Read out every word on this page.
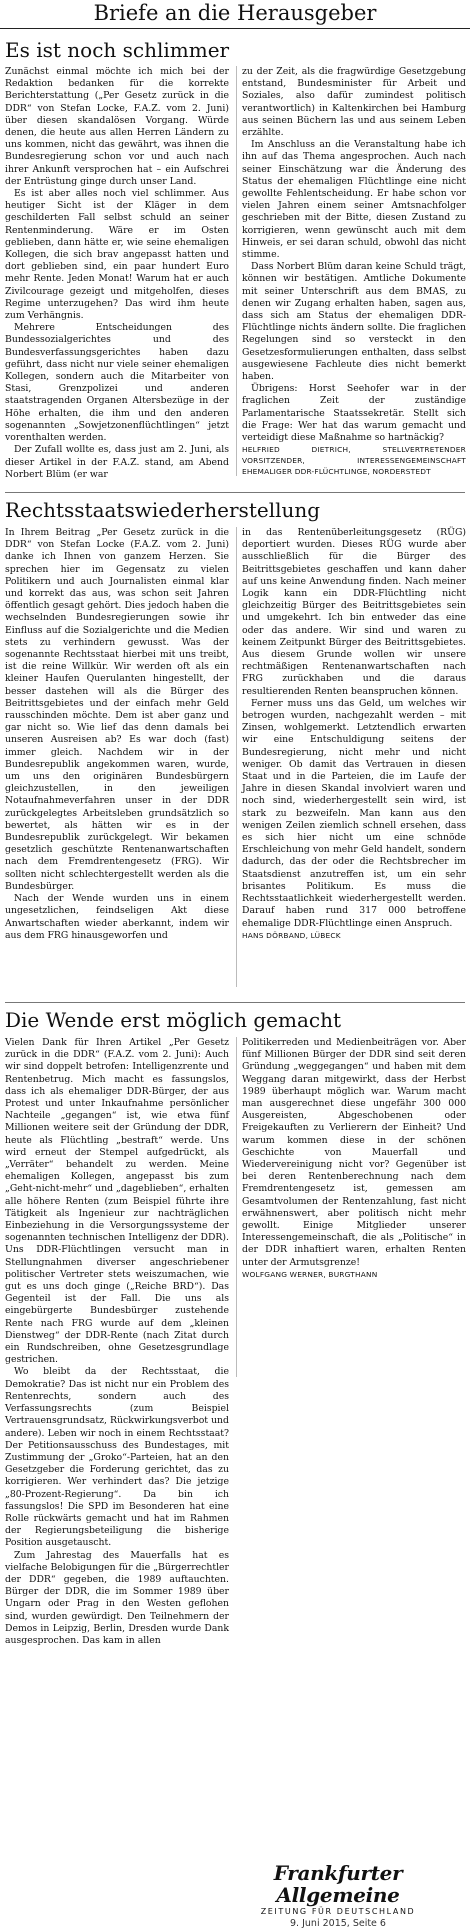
Briefe an die Herausgeber
Es ist noch schlimmer

Zunächst einmal möchte ich mich bei der Redaktion bedanken für die korrekte Berichterstattung („Per Gesetz zurück in die DDR“ von Stefan Locke, F.A.Z. vom 2. Juni) über diesen skandalösen Vorgang. Würde denen, die heute aus allen Herren Ländern zu uns kommen, nicht das gewährt, was ihnen die Bundesregierung schon vor und auch nach ihrer Ankunft versprochen hat – ein Aufschrei der Entrüstung ginge durch unser Land.

Es ist aber alles noch viel schlimmer. Aus heutiger Sicht ist der Kläger in dem geschilderten Fall selbst schuld an seiner Rentenminderung. Wäre er im Osten geblieben, dann hätte er, wie seine ehemaligen Kollegen, die sich brav angepasst hatten und dort geblieben sind, ein paar hundert Euro mehr Rente. Jeden Monat! Warum hat er auch Zivilcourage gezeigt und mitgeholfen, dieses Regime unterzugehen? Das wird ihm heute zum Verhängnis.

Mehrere Entscheidungen des Bundessozialgerichtes und des Bundesverfassungsgerichtes haben dazu geführt, dass nicht nur viele seiner ehemaligen Kollegen, sondern auch die Mitarbeiter von Stasi, Grenzpolizei und anderen staatstragenden Organen Altersbezüge in der Höhe erhalten, die ihm und den anderen sogenannten „Sowjetzonenflüchtlingen“ jetzt vorenthalten werden.

Der Zufall wollte es, dass just am 2. Juni, als dieser Artikel in der F.A.Z. stand, am Abend Norbert Blüm (er war

zu der Zeit, als die fragwürdige Gesetzgebung entstand, Bundesminister für Arbeit und Soziales, also dafür zumindest politisch verantwortlich) in Kaltenkirchen bei Hamburg aus seinen Büchern las und aus seinem Leben erzählte.

Im Anschluss an die Veranstaltung habe ich ihn auf das Thema angesprochen. Auch nach seiner Einschätzung war die Änderung des Status der ehemaligen Flüchtlinge eine nicht gewollte Fehlentscheidung. Er habe schon vor vielen Jahren einem seiner Amtsnachfolger geschrieben mit der Bitte, diesen Zustand zu korrigieren, wenn gewünscht auch mit dem Hinweis, er sei daran schuld, obwohl das nicht stimme.

Dass Norbert Blüm daran keine Schuld trägt, können wir bestätigen. Amtliche Dokumente mit seiner Unterschrift aus dem BMAS, zu denen wir Zugang erhalten haben, sagen aus, dass sich am Status der ehemaligen DDR-Flüchtlinge nichts ändern sollte. Die fraglichen Regelungen sind so versteckt in den Gesetzesformulierungen enthalten, dass selbst ausgewiesene Fachleute dies nicht bemerkt haben.

Übrigens: Horst Seehofer war in der fraglichen Zeit der zuständige Parlamentarische Staatssekretär. Stellt sich die Frage: Wer hat das warum gemacht und verteidigt diese Maßnahme so hartnäckig?

HELFRIED DIETRICH, STELLVERTRETENDER VORSITZENDER, INTERESSENGEMEINSCHAFT EHEMALIGER DDR-FLÜCHTLINGE, NORDERSTEDT

Rechtsstaatswiederherstellung

In Ihrem Beitrag „Per Gesetz zurück in die DDR“ von Stefan Locke (F.A.Z. vom 2. Juni) danke ich Ihnen von ganzem Herzen. Sie sprechen hier im Gegensatz zu vielen Politikern und auch Journalisten einmal klar und korrekt das aus, was schon seit Jahren öffentlich gesagt gehört. Dies jedoch haben die wechselnden Bundesregierungen sowie ihr Einfluss auf die Sozialgerichte und die Medien stets zu verhindern gewusst. Was der sogenannte Rechtsstaat hierbei mit uns treibt, ist die reine Willkür. Wir werden oft als ein kleiner Haufen Querulanten hingestellt, der besser dastehen will als die Bürger des Beitrittsgebietes und der einfach mehr Geld rausschinden möchte. Dem ist aber ganz und gar nicht so. Wie lief das denn damals bei unseren Ausreisen ab? Es war doch (fast) immer gleich. Nachdem wir in der Bundesrepublik angekommen waren, wurde, um uns den originären Bundesbürgern gleichzustellen, in den jeweiligen Notaufnahmeverfahren unser in der DDR zurückgelegtes Arbeitsleben grundsätzlich so bewertet, als hätten wir es in der Bundesrepublik zurückgelegt. Wir bekamen gesetzlich geschützte Rentenanwartschaften nach dem Fremdrentengesetz (FRG). Wir sollten nicht schlechtergestellt werden als die Bundesbürger.

Nach der Wende wurden uns in einem ungesetzlichen, feindseligen Akt diese Anwartschaften wieder aberkannt, indem wir aus dem FRG hinausgeworfen und

in das Rentenüberleitungsgesetz (RÜG) deportiert wurden. Dieses RÜG wurde aber ausschließlich für die Bürger des Beitrittsgebietes geschaffen und kann daher auf uns keine Anwendung finden. Nach meiner Logik kann ein DDR-Flüchtling nicht gleichzeitig Bürger des Beitrittsgebietes sein und umgekehrt. Ich bin entweder das eine oder das andere. Wir sind und waren zu keinem Zeitpunkt Bürger des Beitrittsgebietes. Aus diesem Grunde wollen wir unsere rechtmäßigen Rentenanwartschaften nach FRG zurückhaben und die daraus resultierenden Renten beanspruchen können.

Ferner muss uns das Geld, um welches wir betrogen wurden, nachgezahlt werden – mit Zinsen, wohlgemerkt. Letztendlich erwarten wir eine Entschuldigung seitens der Bundesregierung, nicht mehr und nicht weniger. Ob damit das Vertrauen in diesen Staat und in die Parteien, die im Laufe der Jahre in diesen Skandal involviert waren und noch sind, wiederhergestellt sein wird, ist stark zu bezweifeln. Man kann aus den wenigen Zeilen ziemlich schnell ersehen, dass es sich hier nicht um eine schnöde Erschleichung von mehr Geld handelt, sondern dadurch, das der oder die Rechtsbrecher im Staatsdienst anzutreffen ist, um ein sehr brisantes Politikum. Es muss die Rechtsstaatlichkeit wiederhergestellt werden. Darauf haben rund 317 000 betroffene ehemalige DDR-Flüchtlinge einen Anspruch.

HANS DÖRBAND, LÜBECK

Die Wende erst möglich gemacht

Vielen Dank für Ihren Artikel „Per Gesetz zurück in die DDR“ (F.A.Z. vom 2. Juni): Auch wir sind doppelt betrofen: Intelligenzrente und Rentenbetrug. Mich macht es fassungslos, dass ich als ehemaliger DDR-Bürger, der aus Protest und unter Inkaufnahme persönlicher Nachteile „gegangen“ ist, wie etwa fünf Millionen weitere seit der Gründung der DDR, heute als Flüchtling „bestraft“ werde. Uns wird erneut der Stempel aufgedrückt, als „Verräter“ behandelt zu werden. Meine ehemaligen Kollegen, angepasst bis zum „Geht-nicht-mehr“ und „dageblieben“, erhalten alle höhere Renten (zum Beispiel führte ihre Tätigkeit als Ingenieur zur nachträglichen Einbeziehung in die Versorgungssysteme der sogenannten technischen Intelligenz der DDR). Uns DDR-Flüchtlingen versucht man in Stellungnahmen diverser angeschriebener politischer Vertreter stets weiszumachen, wie gut es uns doch ginge („Reiche BRD“). Das Gegenteil ist der Fall. Die uns als eingebürgerte Bundesbürger zustehende Rente nach FRG wurde auf dem „kleinen Dienstweg“ der DDR-Rente (nach Zitat durch ein Rundschreiben, ohne Gesetzesgrundlage gestrichen.

Wo bleibt da der Rechtsstaat, die Demokratie? Das ist nicht nur ein Problem des Rentenrechts, sondern auch des Verfassungsrechts (zum Beispiel Vertrauensgrundsatz, Rückwirkungsverbot und andere). Leben wir noch in einem Rechtsstaat? Der Petitionsausschuss des Bundestages, mit Zustimmung der „Groko“-Parteien, hat an den Gesetzgeber die Forderung gerichtet, das zu korrigieren. Wer verhindert das? Die jetzige „80-Prozent-Regierung“. Da bin ich fassungslos! Die SPD im Besonderen hat eine Rolle rückwärts gemacht und hat im Rahmen der Regierungsbeteiligung die bisherige Position ausgetauscht.

Zum Jahrestag des Mauerfalls hat es vielfache Belobigungen für die „Bürgerrechtler der DDR“ gegeben, die 1989 auftauchten. Bürger der DDR, die im Sommer 1989 über Ungarn oder Prag in den Westen geflohen sind, wurden gewürdigt. Den Teilnehmern der Demos in Leipzig, Berlin, Dresden wurde Dank ausgesprochen. Das kam in allen

Politikerreden und Medienbeiträgen vor. Aber fünf Millionen Bürger der DDR sind seit deren Gründung „weggegangen“ und haben mit dem Weggang daran mitgewirkt, dass der Herbst 1989 überhaupt möglich war. Warum macht man ausgerechnet diese ungefähr 300 000 Ausgereisten, Abgeschobenen oder Freigekauften zu Verlierern der Einheit? Und warum kommen diese in der schönen Geschichte von Mauerfall und Wiedervereinigung nicht vor? Gegenüber ist bei deren Rentenberechnung nach dem Fremdrentengesetz ist, gemessen am Gesamtvolumen der Rentenzahlung, fast nicht erwähnenswert, aber politisch nicht mehr gewollt. Einige Mitglieder unserer Interessengemeinschaft, die als „Politische“ in der DDR inhaftiert waren, erhalten Renten unter der Armutsgrenze!

WOLFGANG WERNER, BURGTHANN

Frankfurter Allgemeine
ZEITUNG FÜR DEUTSCHLAND
9. Juni 2015, Seite 6
